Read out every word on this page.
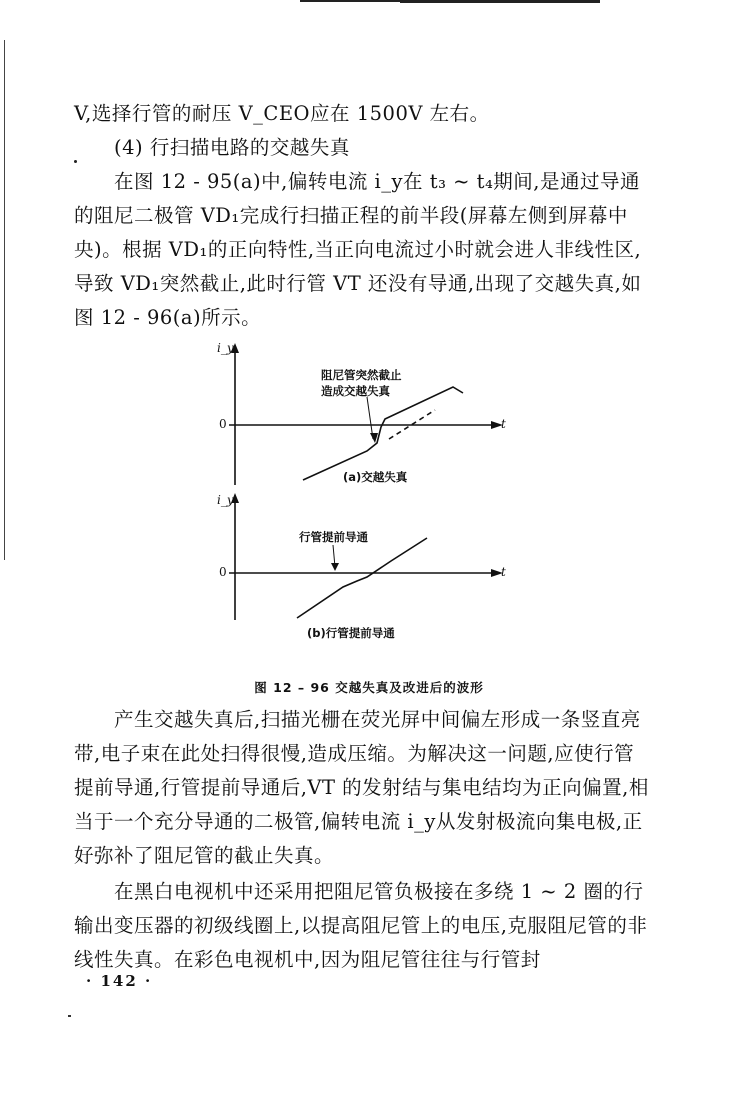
V,选择行管的耐压 V_CEO应在 1500V 左右。

(4) 行扫描电路的交越失真

在图 12 - 95(a)中,偏转电流 i_y在 t₃ ~ t₄期间,是通过导通的阻尼二极管 VD₁完成行扫描正程的前半段(屏幕左侧到屏幕中央)。根据 VD₁的正向特性,当正向电流过小时就会进人非线性区,导致 VD₁突然截止,此时行管 VT 还没有导通,出现了交越失真,如图 12 - 96(a)所示。

i_y
t
0
阻尼管突然截止
造成交越失真
(a)交越失真
i_y
t
0
行管提前导通
(b)行管提前导通
图 12 – 96 交越失真及改进后的波形

产生交越失真后,扫描光栅在荧光屏中间偏左形成一条竖直亮带,电子束在此处扫得很慢,造成压缩。为解决这一问题,应使行管提前导通,行管提前导通后,VT 的发射结与集电结均为正向偏置,相当于一个充分导通的二极管,偏转电流 i_y从发射极流向集电极,正好弥补了阻尼管的截止失真。

在黑白电视机中还采用把阻尼管负极接在多绕 1 ~ 2 圈的行输出变压器的初级线圈上,以提高阻尼管上的电压,克服阻尼管的非线性失真。在彩色电视机中,因为阻尼管往往与行管封

· 142 ·
